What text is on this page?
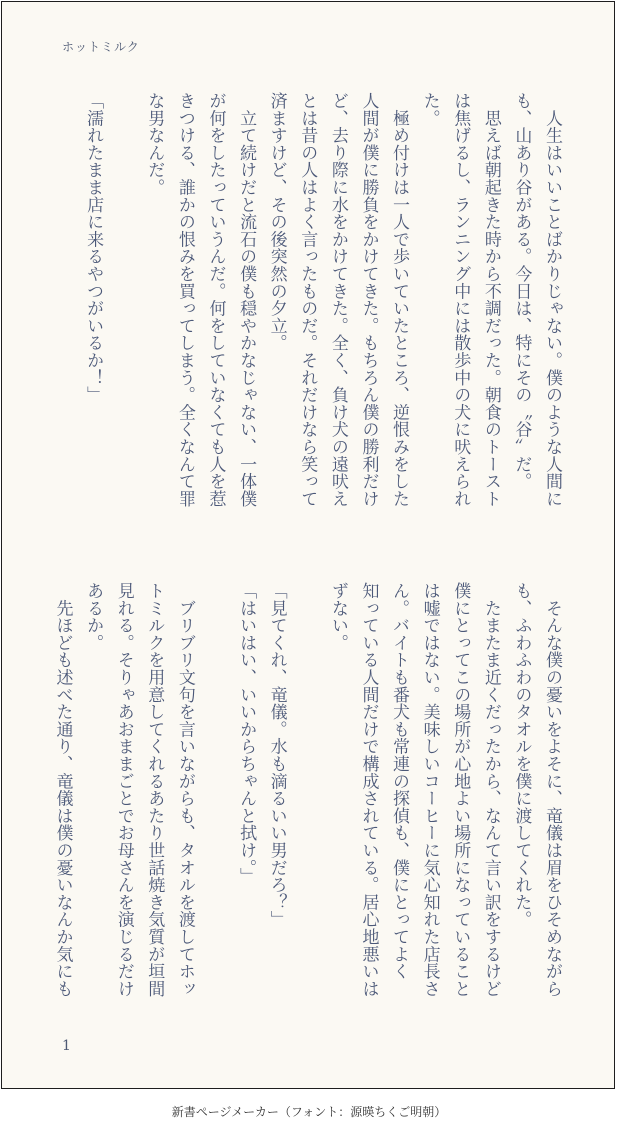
ホットミルク

　人生はいいことばかりじゃない。僕のような人間に

も、山あり谷がある。今日は、特にその〝谷〟だ。

　思えば朝起きた時から不調だった。朝食のトースト

は焦げるし、ランニング中には散歩中の犬に吠えられ

た。

　極め付けは一人で歩いていたところ、逆恨みをした

人間が僕に勝負をかけてきた。もちろん僕の勝利だけ

ど、去り際に水をかけてきた。全く、負け犬の遠吠え

とは昔の人はよく言ったものだ。それだけなら笑って

済ますけど、その後突然の夕立。

　立て続けだと流石の僕も穏やかなじゃない、一体僕

が何をしたっていうんだ。何をしていなくても人を惹

きつける、誰かの恨みを買ってしまう。全くなんて罪

な男なんだ。

「濡れたまま店に来るやつがいるか！」

　そんな僕の憂いをよそに、竜儀は眉をひそめながら

も、ふわふわのタオルを僕に渡してくれた。

　たまたま近くだったから、なんて言い訳をするけど

僕にとってこの場所が心地よい場所になっていること

は嘘ではない。美味しいコーヒーに気心知れた店長さ

ん。バイトも番犬も常連の探偵も、僕にとってよく

知っている人間だけで構成されている。居心地悪いは

ずない。

「見てくれ、竜儀。水も滴るいい男だろ？」

「はいはい、いいからちゃんと拭け。」

　ブリブリ文句を言いながらも、タオルを渡してホッ

トミルクを用意してくれるあたり世話焼き気質が垣間

見れる。そりゃあおままごとでお母さんを演じるだけ

あるか。

　先ほども述べた通り、竜儀は僕の憂いなんか気にも

1
新書ページメーカー（フォント：源暎ちくご明朝）
